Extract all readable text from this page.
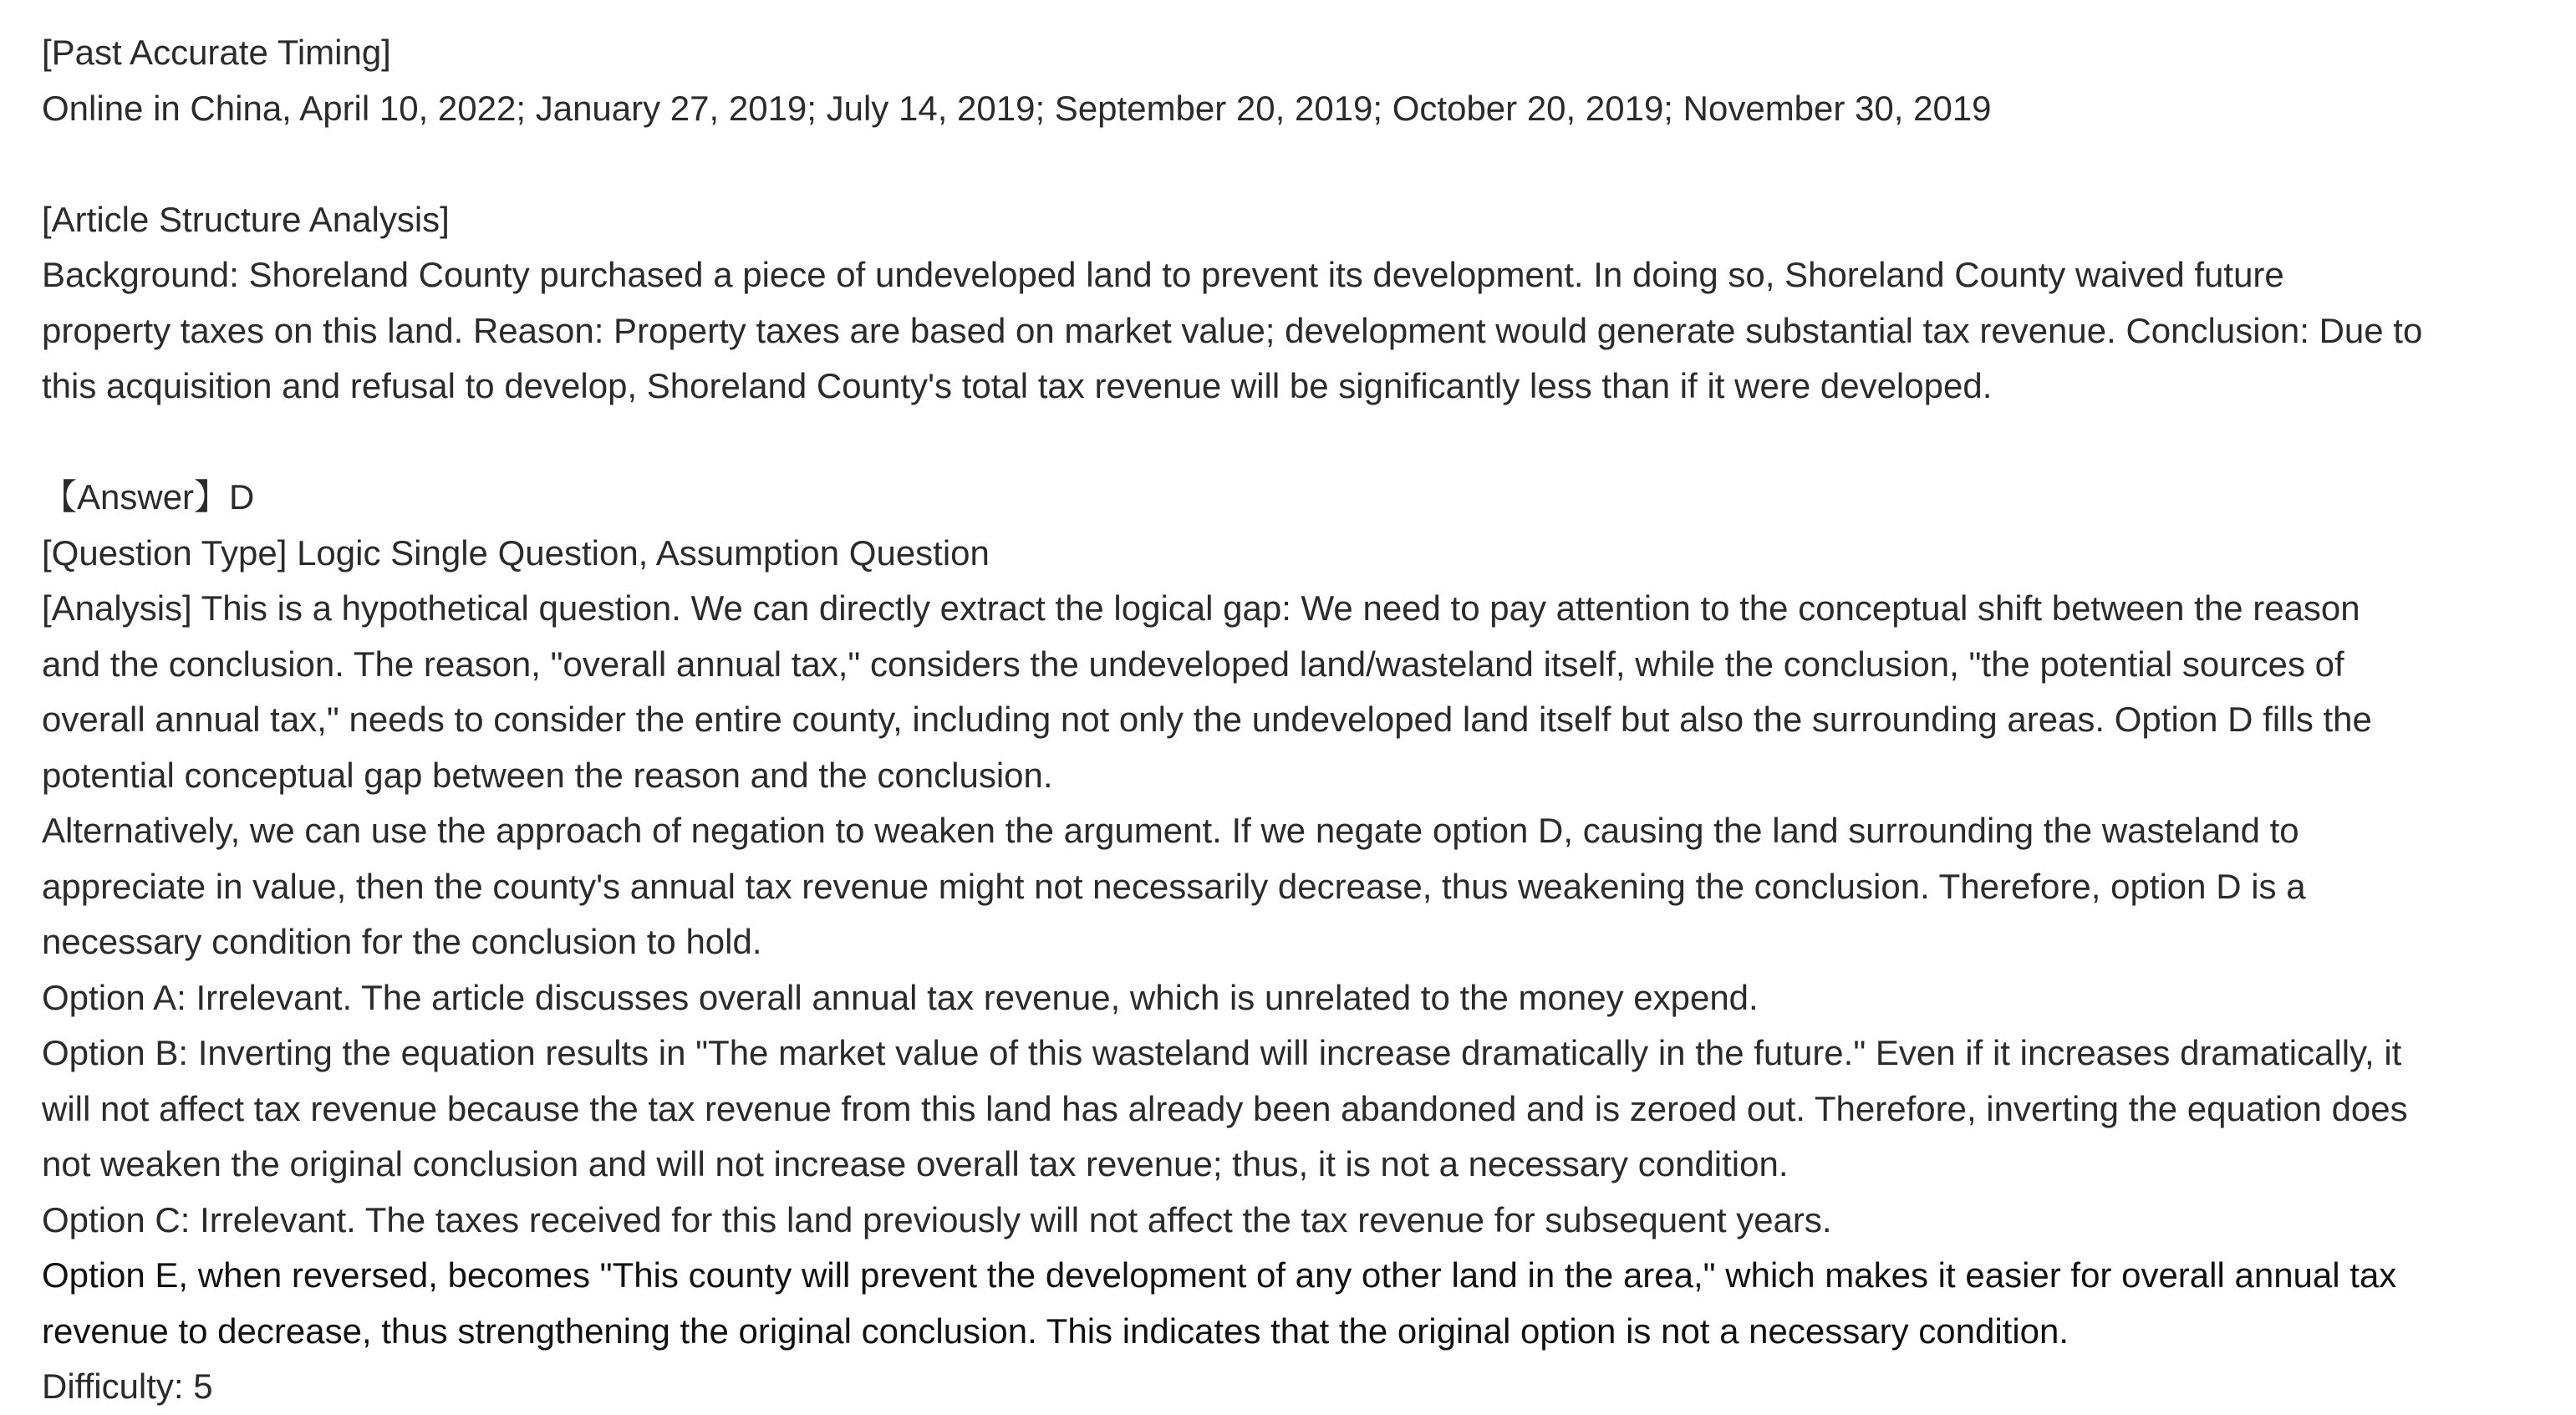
[Past Accurate Timing]
Online in China, April 10, 2022; January 27, 2019; July 14, 2019; September 20, 2019; October 20, 2019; November 30, 2019
[Article Structure Analysis]
Background: Shoreland County purchased a piece of undeveloped land to prevent its development. In doing so, Shoreland County waived future
property taxes on this land. Reason: Property taxes are based on market value; development would generate substantial tax revenue. Conclusion: Due to
this acquisition and refusal to develop, Shoreland County's total tax revenue will be significantly less than if it were developed.
【Answer】D
[Question Type] Logic Single Question, Assumption Question
[Analysis] This is a hypothetical question. We can directly extract the logical gap: We need to pay attention to the conceptual shift between the reason
and the conclusion. The reason, "overall annual tax," considers the undeveloped land/wasteland itself, while the conclusion, "the potential sources of
overall annual tax," needs to consider the entire county, including not only the undeveloped land itself but also the surrounding areas. Option D fills the
potential conceptual gap between the reason and the conclusion.
Alternatively, we can use the approach of negation to weaken the argument. If we negate option D, causing the land surrounding the wasteland to
appreciate in value, then the county's annual tax revenue might not necessarily decrease, thus weakening the conclusion. Therefore, option D is a
necessary condition for the conclusion to hold.
Option A: Irrelevant. The article discusses overall annual tax revenue, which is unrelated to the money expend.
Option B: Inverting the equation results in "The market value of this wasteland will increase dramatically in the future." Even if it increases dramatically, it
will not affect tax revenue because the tax revenue from this land has already been abandoned and is zeroed out. Therefore, inverting the equation does
not weaken the original conclusion and will not increase overall tax revenue; thus, it is not a necessary condition.
Option C: Irrelevant. The taxes received for this land previously will not affect the tax revenue for subsequent years.
Option E, when reversed, becomes "This county will prevent the development of any other land in the area," which makes it easier for overall annual tax
revenue to decrease, thus strengthening the original conclusion. This indicates that the original option is not a necessary condition.
Difficulty: 5
